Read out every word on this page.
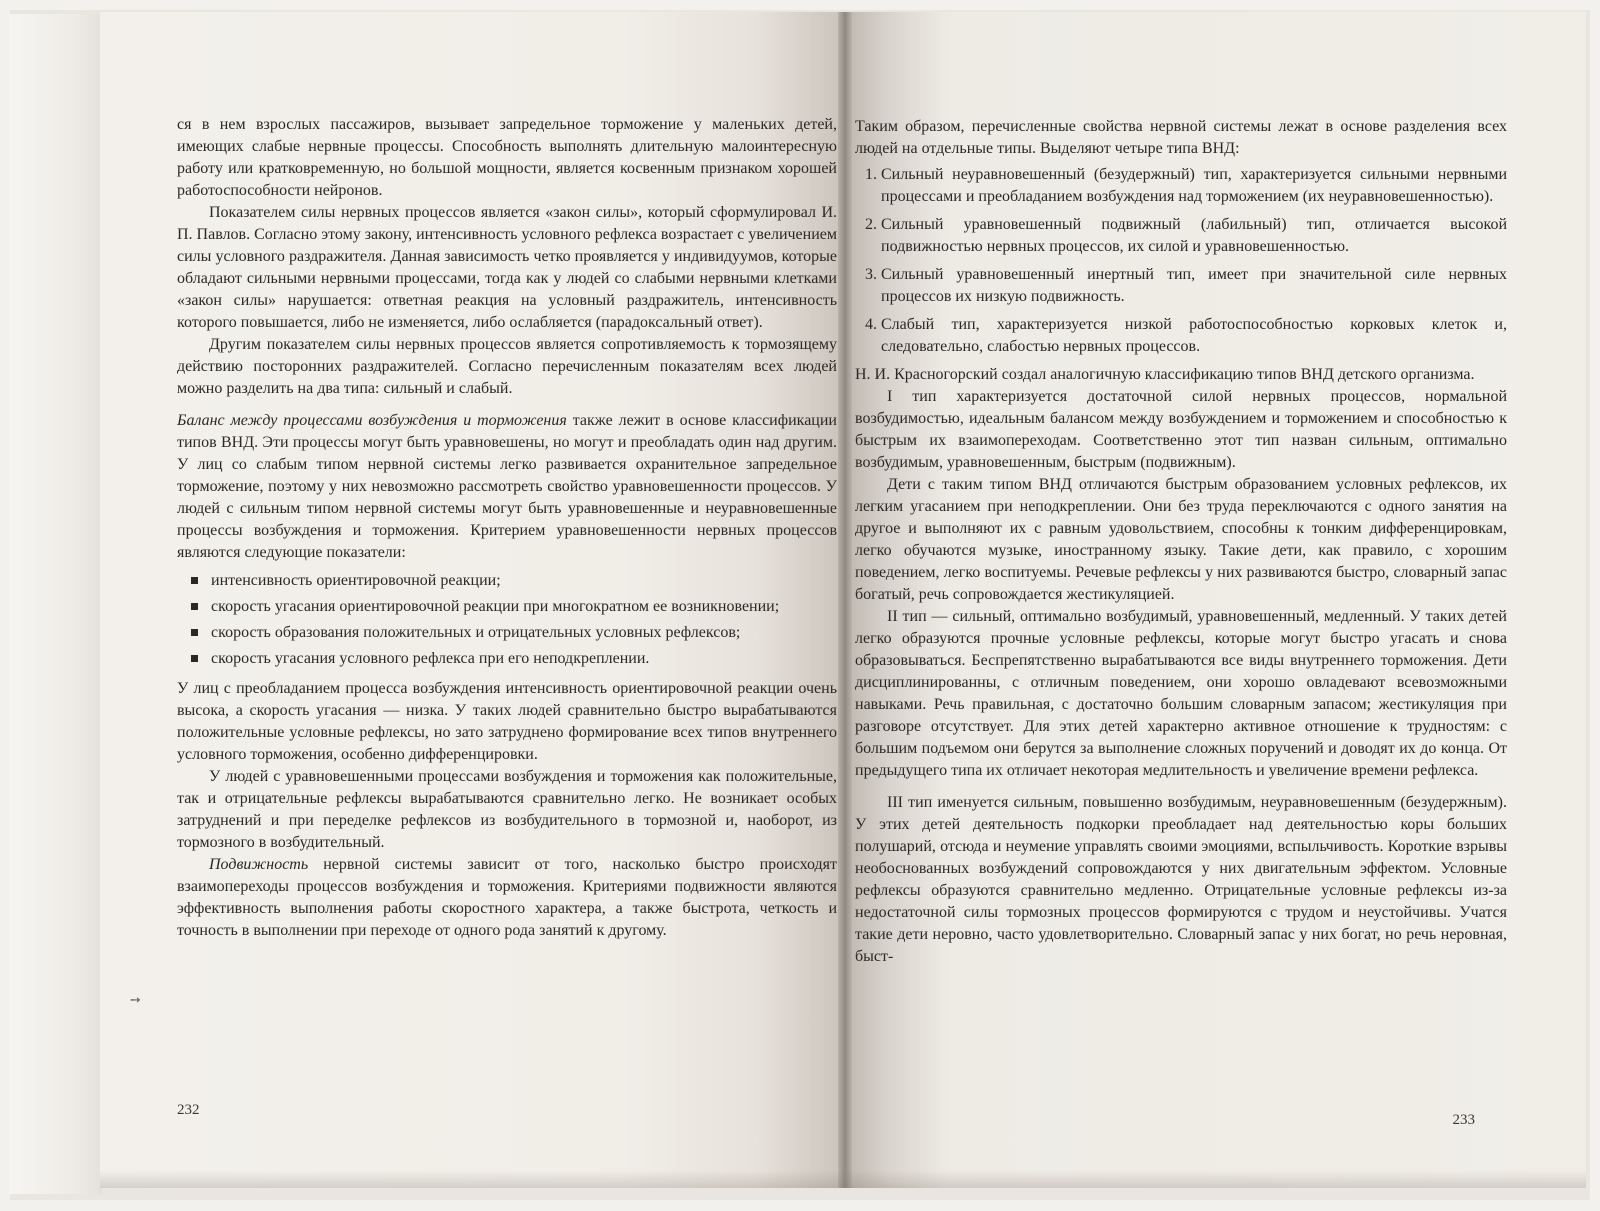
ся в нем взрослых пассажиров, вызывает запредельное торможение у маленьких детей, имеющих слабые нервные процессы. Способность выполнять длительную малоинтересную работу или кратковременную, но большой мощности, является косвенным признаком хорошей работоспособности нейронов.

Показателем силы нервных процессов является «закон силы», который сформулировал И. П. Павлов. Согласно этому закону, интенсивность условного рефлекса возрастает с увеличением силы условного раздражителя. Данная зависимость четко проявляется у индивидуумов, которые обладают сильными нервными процессами, тогда как у людей со слабыми нервными клетками «закон силы» нарушается: ответная реакция на условный раздражитель, интенсивность которого повышается, либо не изменяется, либо ослабляется (парадоксальный ответ).

Другим показателем силы нервных процессов является сопротивляемость к тормозящему действию посторонних раздражителей. Согласно перечисленным показателям всех людей можно разделить на два типа: сильный и слабый.

Баланс между процессами возбуждения и торможения также лежит в основе классификации типов ВНД. Эти процессы могут быть уравновешены, но могут и преобладать один над другим. У лиц со слабым типом нервной системы легко развивается охранительное запредельное торможение, поэтому у них невозможно рассмотреть свойство уравновешенности процессов. У людей с сильным типом нервной системы могут быть уравновешенные и неуравновешенные процессы возбуждения и торможения. Критерием уравновешенности нервных процессов являются следующие показатели:

интенсивность ориентировочной реакции;
скорость угасания ориентировочной реакции при многократном ее возникновении;
скорость образования положительных и отрицательных условных рефлексов;
скорость угасания условного рефлекса при его неподкреплении.

У лиц с преобладанием процесса возбуждения интенсивность ориентировочной реакции очень высока, а скорость угасания — низка. У таких людей сравнительно быстро вырабатываются положительные условные рефлексы, но зато затруднено формирование всех типов внутреннего условного торможения, особенно дифференцировки.

У людей с уравновешенными процессами возбуждения и торможения как положительные, так и отрицательные рефлексы вырабатываются сравнительно легко. Не возникает особых затруднений и при переделке рефлексов из возбудительного в тормозной и, наоборот, из тормозного в возбудительный.

Подвижность нервной системы зависит от того, насколько быстро происходят взаимопереходы процессов возбуждения и торможения. Критериями подвижности являются эффективность выполнения работы скоростного характера, а также быстрота, четкость и точность в выполнении при переходе от одного рода занятий к другому.

232
➙

Таким образом, перечисленные свойства нервной системы лежат в основе разделения всех людей на отдельные типы. Выделяют четыре типа ВНД:

1. Сильный неуравновешенный (безудержный) тип, характеризуется сильными нервными процессами и преобладанием возбуждения над торможением (их неуравновешенностью).
2. Сильный уравновешенный подвижный (лабильный) тип, отличается высокой подвижностью нервных процессов, их силой и уравновешенностью.
3. Сильный уравновешенный инертный тип, имеет при значительной силе нервных процессов их низкую подвижность.
4. Слабый тип, характеризуется низкой работоспособностью корковых клеток и, следовательно, слабостью нервных процессов.

Н. И. Красногорский создал аналогичную классификацию типов ВНД детского организма.

I тип характеризуется достаточной силой нервных процессов, нормальной возбудимостью, идеальным балансом между возбуждением и торможением и способностью к быстрым их взаимопереходам. Соответственно этот тип назван сильным, оптимально возбудимым, уравновешенным, быстрым (подвижным).

Дети с таким типом ВНД отличаются быстрым образованием условных рефлексов, их легким угасанием при неподкреплении. Они без труда переключаются с одного занятия на другое и выполняют их с равным удовольствием, способны к тонким дифференцировкам, легко обучаются музыке, иностранному языку. Такие дети, как правило, с хорошим поведением, легко воспитуемы. Речевые рефлексы у них развиваются быстро, словарный запас богатый, речь сопровождается жестикуляцией.

II тип — сильный, оптимально возбудимый, уравновешенный, медленный. У таких детей легко образуются прочные условные рефлексы, которые могут быстро угасать и снова образовываться. Беспрепятственно вырабатываются все виды внутреннего торможения. Дети дисциплинированны, с отличным поведением, они хорошо овладевают всевозможными навыками. Речь правильная, с достаточно большим словарным запасом; жестикуляция при разговоре отсутствует. Для этих детей характерно активное отношение к трудностям: с большим подъемом они берутся за выполнение сложных поручений и доводят их до конца. От предыдущего типа их отличает некоторая медлительность и увеличение времени рефлекса.

III тип именуется сильным, повышенно возбудимым, неуравновешенным (безудержным). У этих детей деятельность подкорки преобладает над деятельностью коры больших полушарий, отсюда и неумение управлять своими эмоциями, вспыльчивость. Короткие взрывы необоснованных возбуждений сопровождаются у них двигательным эффектом. Условные рефлексы образуются сравнительно медленно. Отрицательные условные рефлексы из-за недостаточной силы тормозных процессов формируются с трудом и неустойчивы. Учатся такие дети неровно, часто удовлетворительно. Словарный запас у них богат, но речь неровная, быст-

233
